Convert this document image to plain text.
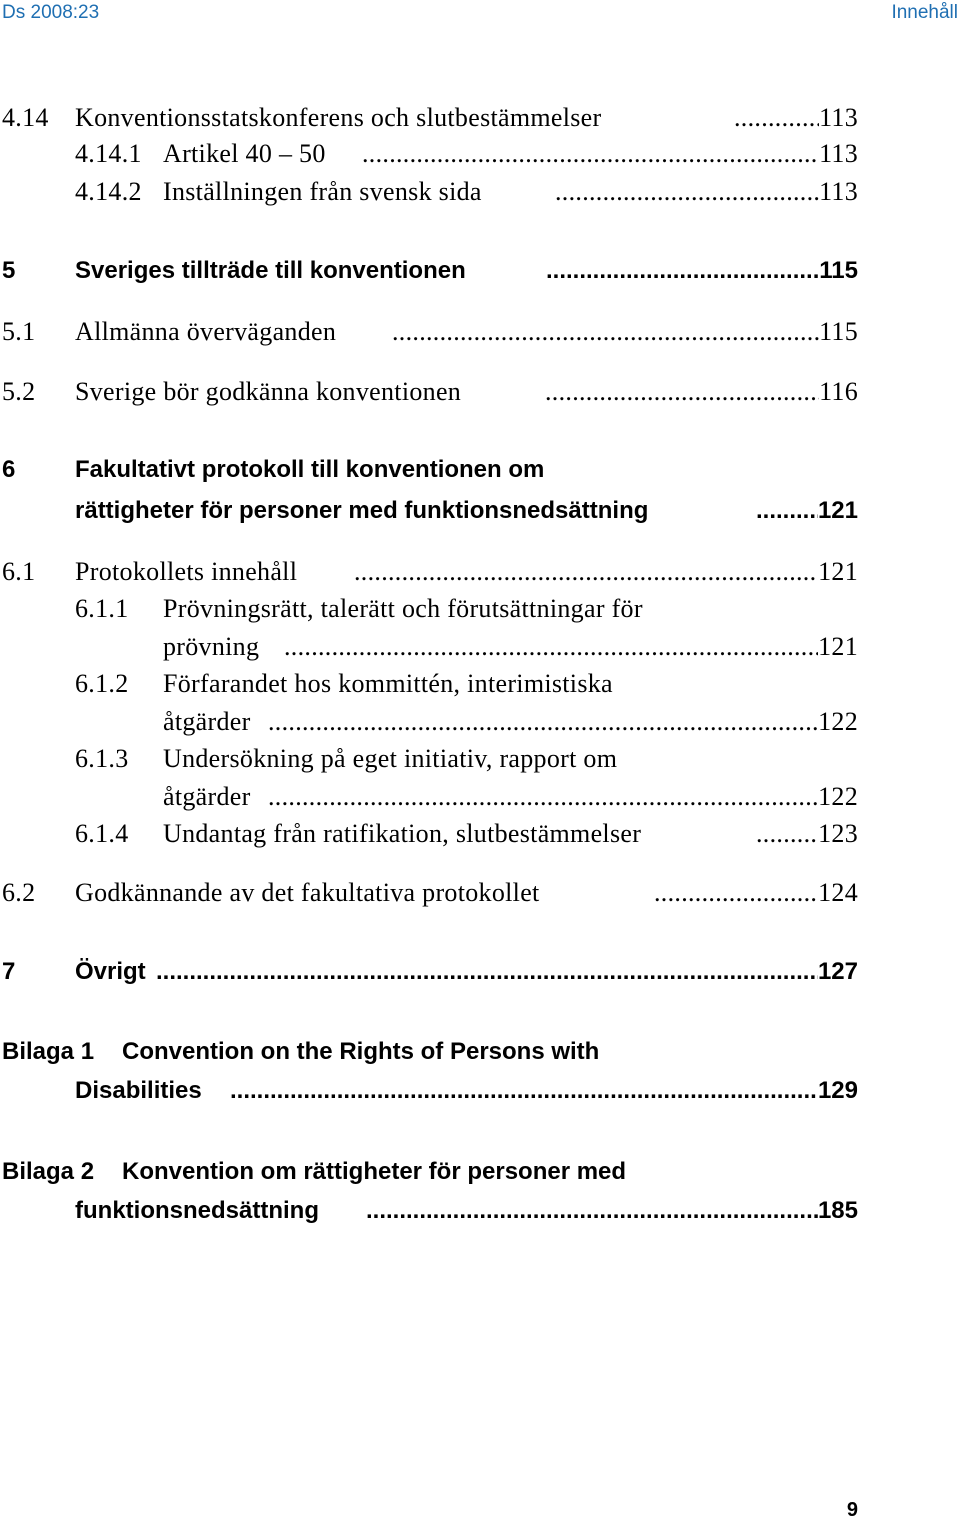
Ds 2008:23	Innehåll
4.14 Konventionsstatskonferens och slutbestämmelser .....	113
4.14.1 Artikel 40 – 50 .....	113
4.14.2 Inställningen från svensk sida .....	113
5 Sveriges tillträde till konventionen .....	115
5.1 Allmänna överväganden .....	115
5.2 Sverige bör godkänna konventionen .....	116
6 Fakultativt protokoll till konventionen om
rättigheter för personer med funktionsnedsättning .....	121
6.1 Protokollets innehåll .....	121
6.1.1 Prövningsrätt, talerätt och förutsättningar för
prövning .....	121
6.1.2 Förfarandet hos kommittén, interimistiska
åtgärder .....	122
6.1.3 Undersökning på eget initiativ, rapport om
åtgärder .....	122
6.1.4 Undantag från ratifikation, slutbestämmelser .....	123
6.2 Godkännande av det fakultativa protokollet .....	124
7 Övrigt .....	127
Bilaga 1 Convention on the Rights of Persons with
Disabilities .....	129
Bilaga 2 Konvention om rättigheter för personer med
funktionsnedsättning .....	185
9
